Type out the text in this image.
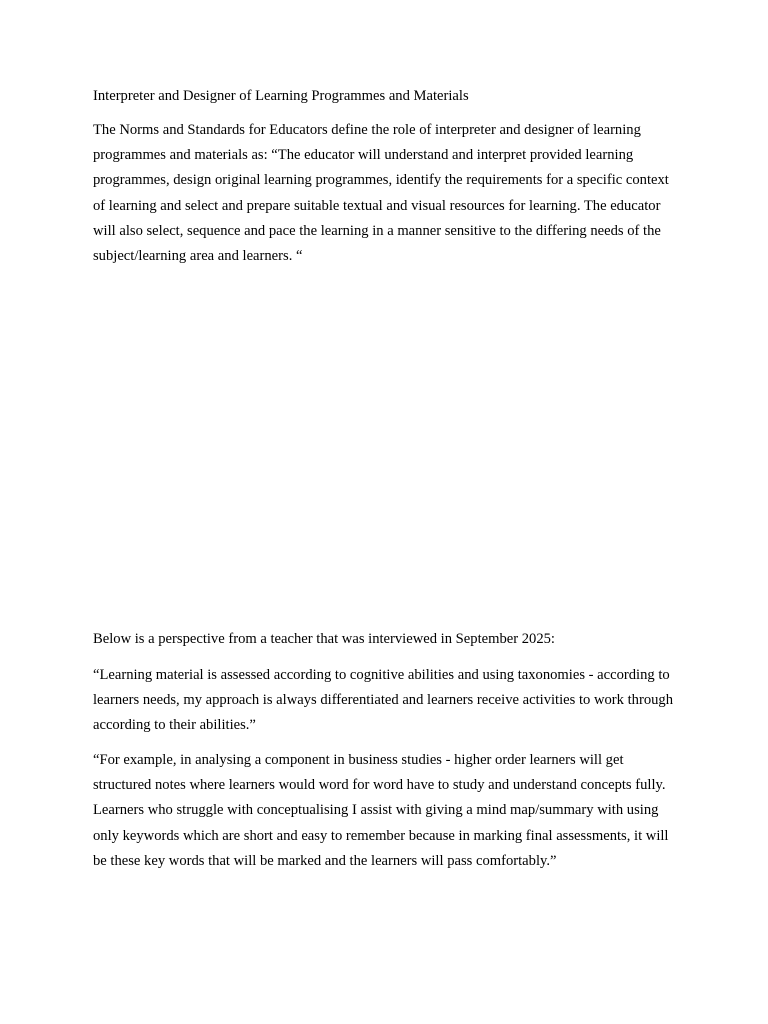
Interpreter and Designer of Learning Programmes and Materials

The Norms and Standards for Educators define the role of interpreter and designer of learning programmes and materials as: “The educator will understand and interpret provided learning programmes, design original learning programmes, identify the requirements for a specific context of learning and select and prepare suitable textual and visual resources for learning. The educator will also select, sequence and pace the learning in a manner sensitive to the differing needs of the subject/learning area and learners. “

Below is a perspective from a teacher that was interviewed in September 2025:

“Learning material is assessed according to cognitive abilities and using taxonomies - according to learners needs, my approach is always differentiated and learners receive activities to work through according to their abilities.”

“For example, in analysing a component in business studies - higher order learners will get structured notes where learners would word for word have to study and understand concepts fully. Learners who struggle with conceptualising I assist with giving a mind map/summary with using only keywords which are short and easy to remember because in marking final assessments, it will be these key words that will be marked and the learners will pass comfortably.”
